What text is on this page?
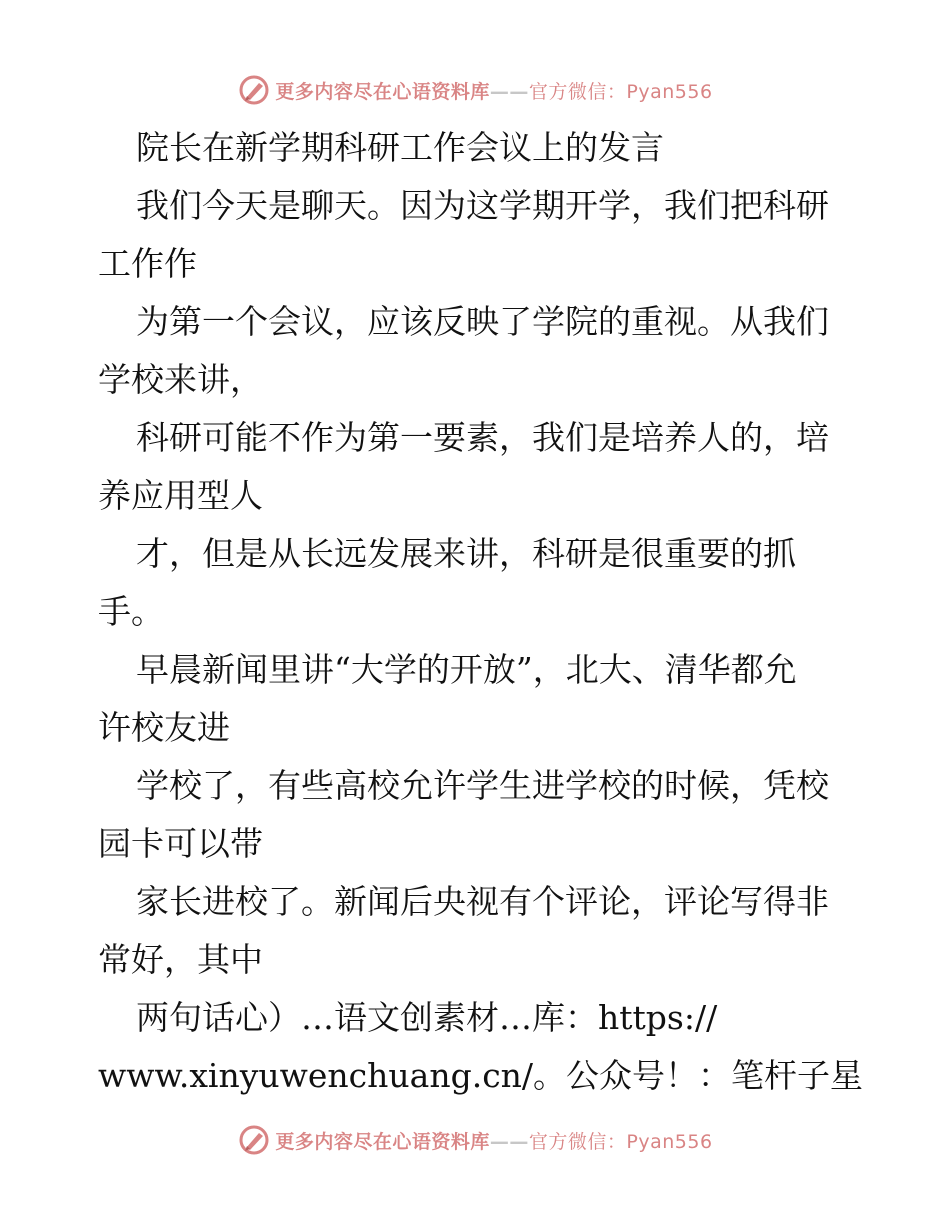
更多内容尽在心语资料库——官方微信：Pyan556
院长在新学期科研工作会议上的发言
我们今天是聊天。因为这学期开学，我们把科研
工作作
为第一个会议，应该反映了学院的重视。从我们
学校来讲，
科研可能不作为第一要素，我们是培养人的，培
养应用型人
才，但是从长远发展来讲，科研是很重要的抓
手。
早晨新闻里讲“大学的开放”，北大、清华都允
许校友进
学校了，有些高校允许学生进学校的时候，凭校
园卡可以带
家长进校了。新闻后央视有个评论，评论写得非
常好，其中
两句话心）…语文创素材…库：https://
www.xinyuwenchuang.cn/。公众号！：笔杆子星
更多内容尽在心语资料库——官方微信：Pyan556
